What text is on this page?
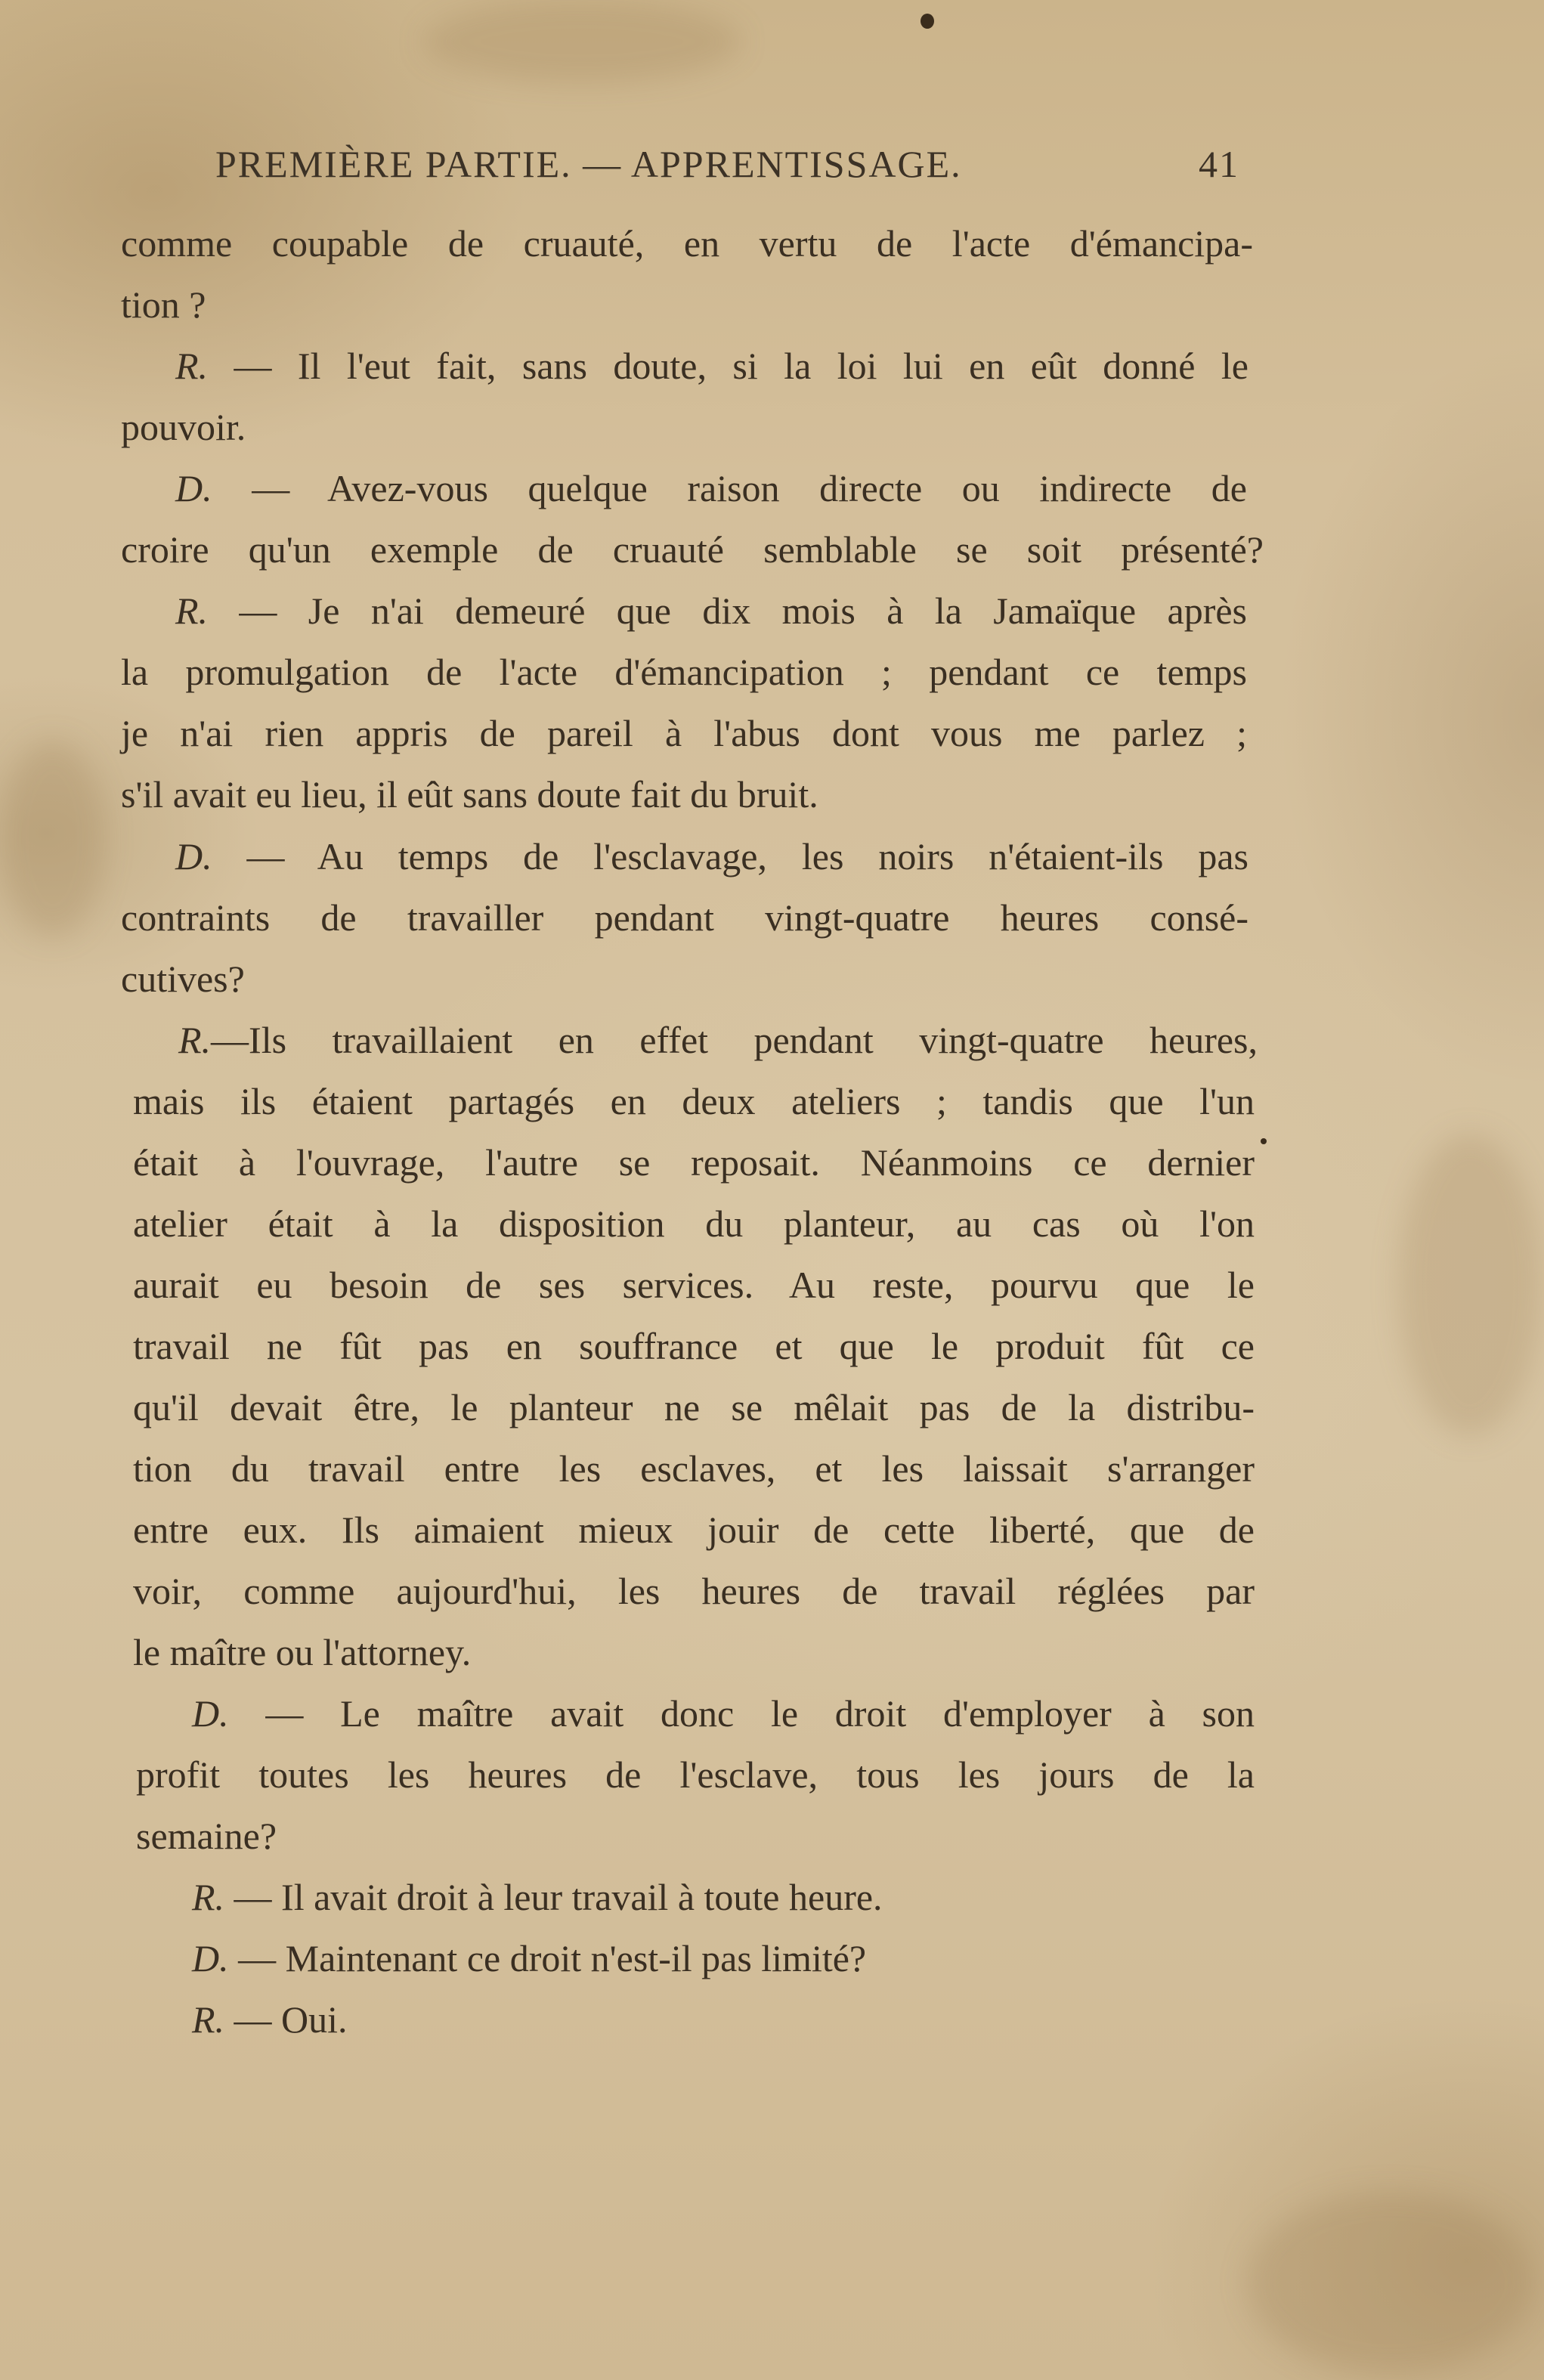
PREMIÈRE PARTIE. — APPRENTISSAGE.	41
comme coupable de cruauté, en vertu de l'acte d'émancipa-
tion ?
R. — Il l'eut fait, sans doute, si la loi lui en eût donné le
pouvoir.
D. — Avez-vous quelque raison directe ou indirecte de
croire qu'un exemple de cruauté semblable se soit présenté?
R. — Je n'ai demeuré que dix mois à la Jamaïque après
la promulgation de l'acte d'émancipation ; pendant ce temps
je n'ai rien appris de pareil à l'abus dont vous me parlez ;
s'il avait eu lieu, il eût sans doute fait du bruit.
D. — Au temps de l'esclavage, les noirs n'étaient-ils pas
contraints de travailler pendant vingt-quatre heures consé-
cutives?
R.—Ils travaillaient en effet pendant vingt-quatre heures,
mais ils étaient partagés en deux ateliers ; tandis que l'un
était à l'ouvrage, l'autre se reposait. Néanmoins ce dernier
atelier était à la disposition du planteur, au cas où l'on
aurait eu besoin de ses services. Au reste, pourvu que le
travail ne fût pas en souffrance et que le produit fût ce
qu'il devait être, le planteur ne se mêlait pas de la distribu-
tion du travail entre les esclaves, et les laissait s'arranger
entre eux. Ils aimaient mieux jouir de cette liberté, que de
voir, comme aujourd'hui, les heures de travail réglées par
le maître ou l'attorney.
D. — Le maître avait donc le droit d'employer à son
profit toutes les heures de l'esclave, tous les jours de la
semaine?
R. — Il avait droit à leur travail à toute heure.
D. — Maintenant ce droit n'est-il pas limité?
R. — Oui.
